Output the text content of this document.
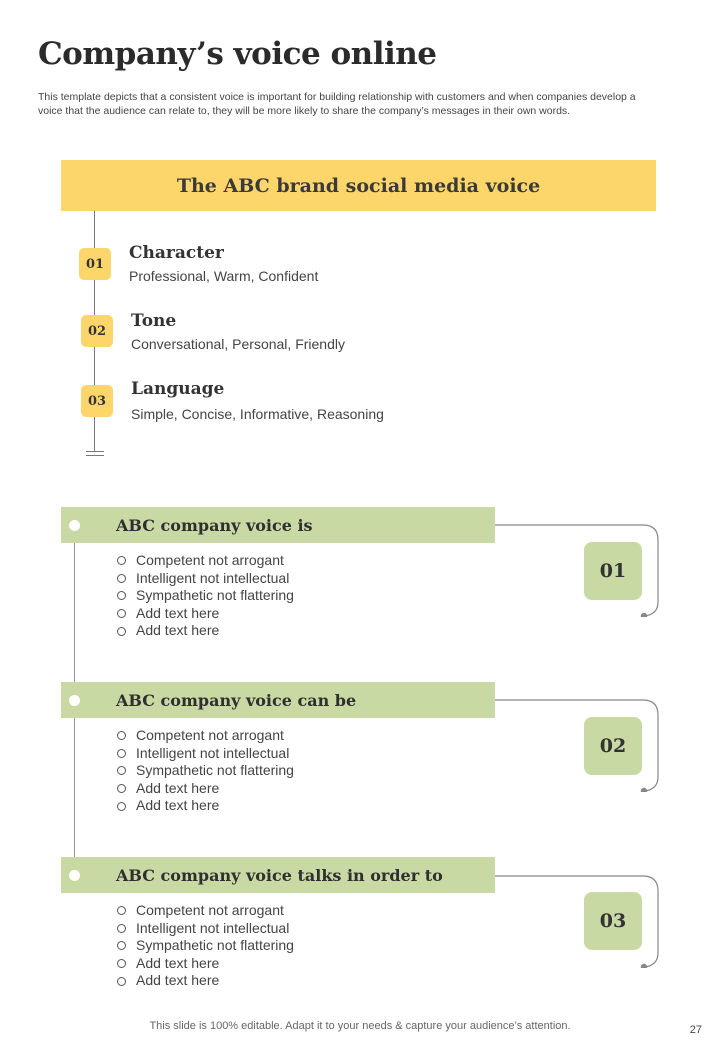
Company’s voice online

This template depicts that a consistent voice is important for building relationship with customers and when companies develop a voice that the audience can relate to, they will be more likely to share the company’s messages in their own words.

The ABC brand social media voice
01
Character
Professional, Warm, Confident
02	Tone
Conversational, Personal, Friendly
03
Language
Simple, Concise, Informative, Reasoning
ABC company voice is
Competent not arrogant
Intelligent not intellectual
Sympathetic not flattering
Add text here
Add text here
01
ABC company voice can be
Competent not arrogant
Intelligent not intellectual
Sympathetic not flattering
Add text here
Add text here
02
ABC company voice talks in order to
Competent not arrogant
Intelligent not intellectual
Sympathetic not flattering
Add text here
Add text here
03
This slide is 100% editable. Adapt it to your needs & capture your audience’s attention.	27
